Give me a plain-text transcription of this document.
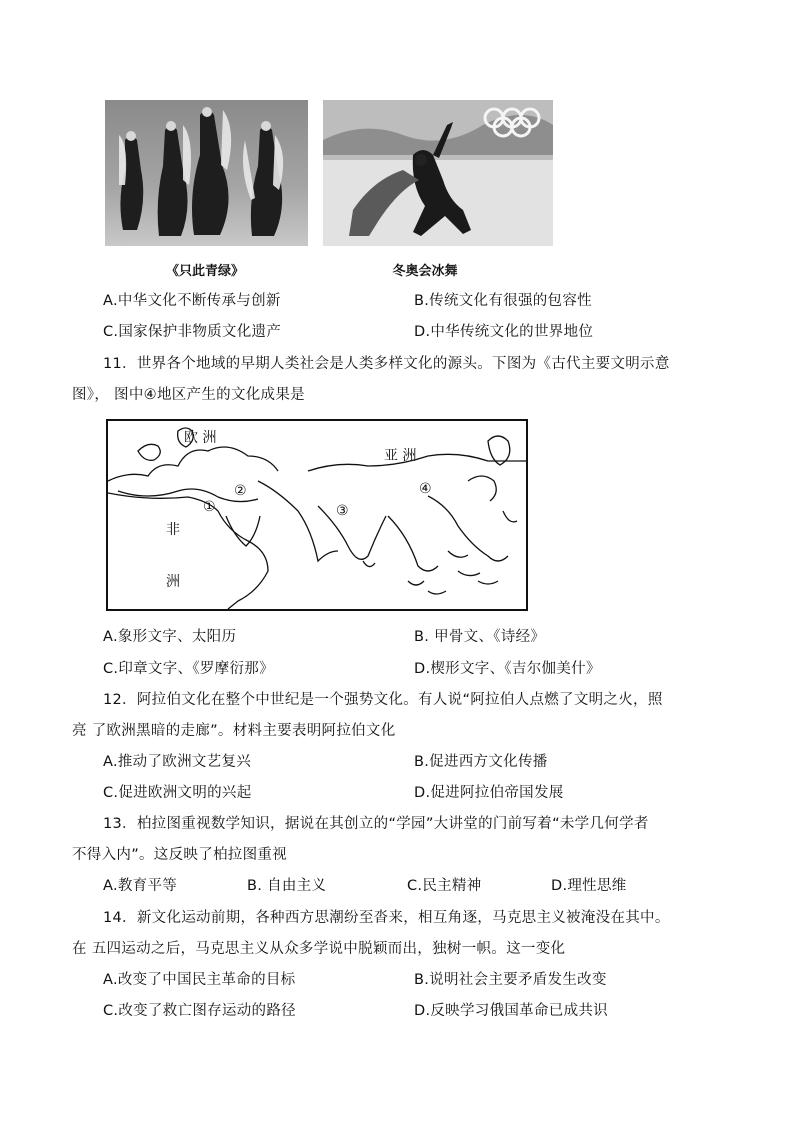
《只此青绿》	冬奥会冰舞
A.中华文化不断传承与创新	B.传统文化有很强的包容性
C.国家保护非物质文化遗产	D.中华传统文化的世界地位
11．世界各个地域的早期人类社会是人类多样文化的源头。下图为《古代主要文明示意
图》， 图中④地区产生的文化成果是
欧 洲
亚 洲
非
洲
①
②
③
④
A.象形文字、太阳历	B. 甲骨文、《诗经》
C.印章文字、《罗摩衍那》	D.楔形文字、《吉尔伽美什》
12．阿拉伯文化在整个中世纪是一个强势文化。有人说“阿拉伯人点燃了文明之火，照
亮 了欧洲黑暗的走廊”。材料主要表明阿拉伯文化
A.推动了欧洲文艺复兴	B.促进西方文化传播
C.促进欧洲文明的兴起	D.促进阿拉伯帝国发展
13．柏拉图重视数学知识，据说在其创立的“学园”大讲堂的门前写着“未学几何学者
不得入内”。这反映了柏拉图重视
A.教育平等	B. 自由主义	C.民主精神	D.理性思维
14．新文化运动前期，各种西方思潮纷至沓来，相互角逐，马克思主义被淹没在其中。
在 五四运动之后，马克思主义从众多学说中脱颖而出，独树一帜。这一变化
A.改变了中国民主革命的目标	B.说明社会主要矛盾发生改变
C.改变了救亡图存运动的路径	D.反映学习俄国革命已成共识
